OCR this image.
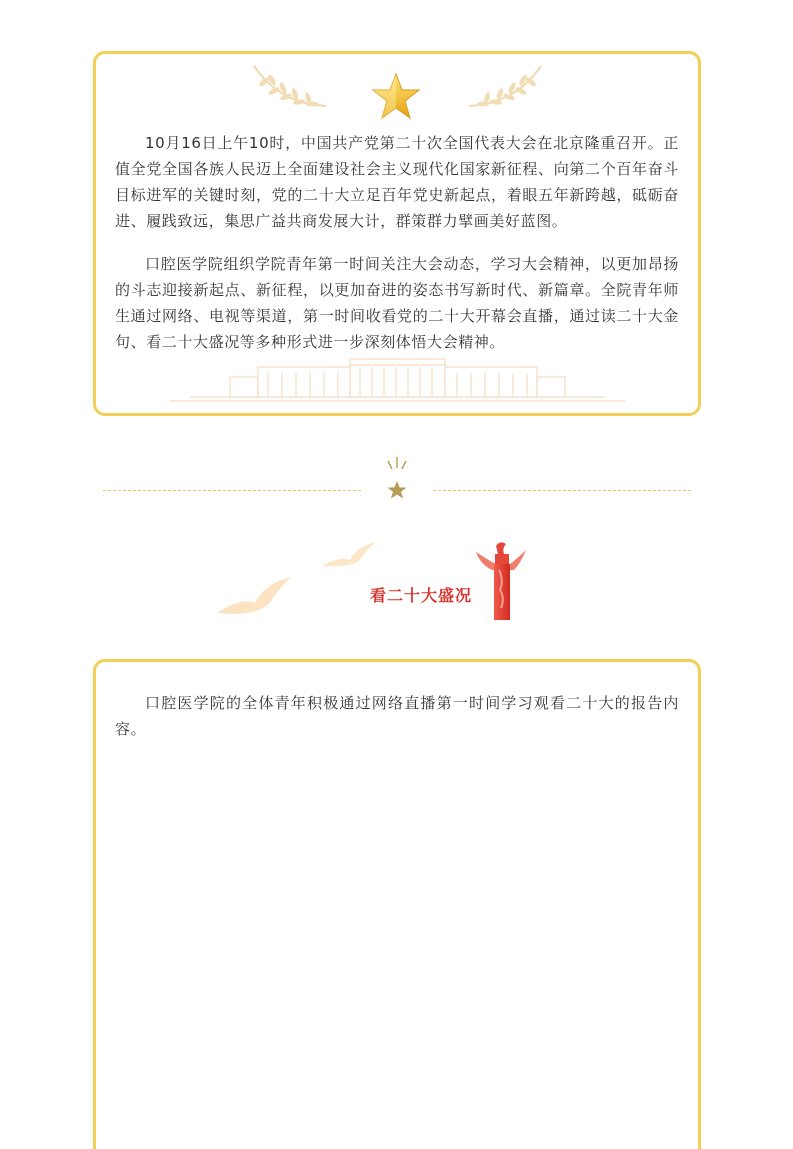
10月16日上午10时，中国共产党第二十次全国代表大会在北京隆重召开。正值全党全国各族人民迈上全面建设社会主义现代化国家新征程、向第二个百年奋斗目标进军的关键时刻，党的二十大立足百年党史新起点，着眼五年新跨越，砥砺奋进、履践致远，集思广益共商发展大计，群策群力擘画美好蓝图。

口腔医学院组织学院青年第一时间关注大会动态，学习大会精神，以更加昂扬的斗志迎接新起点、新征程，以更加奋进的姿态书写新时代、新篇章。全院青年师生通过网络、电视等渠道，第一时间收看党的二十大开幕会直播，通过读二十大金句、看二十大盛况等多种形式进一步深刻体悟大会精神。

看二十大盛况

口腔医学院的全体青年积极通过网络直播第一时间学习观看二十大的报告内容。
